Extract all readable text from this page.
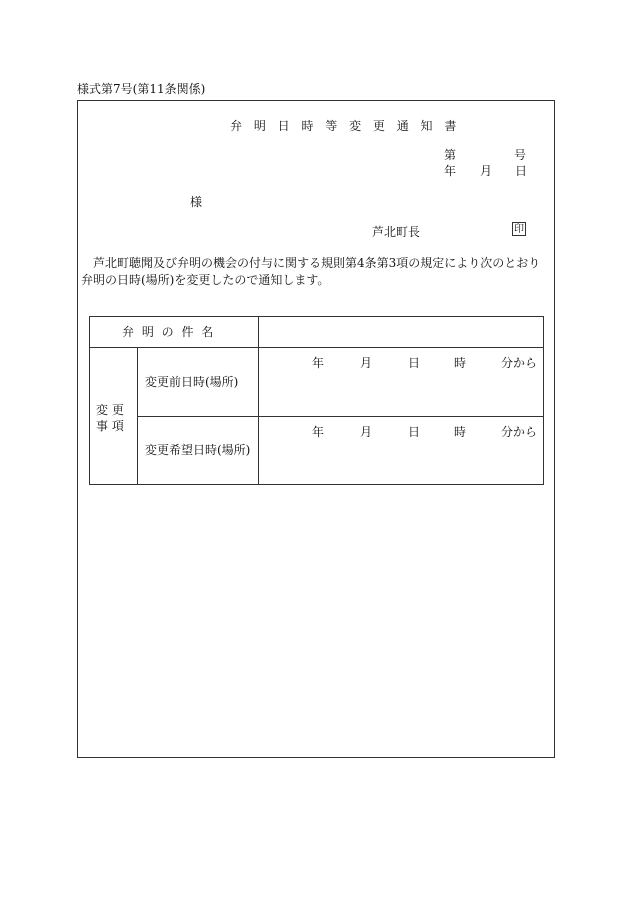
様式第7号(第11条関係)
弁 明 日 時 等 変 更 通 知 書
第	号
年 月 日
様
芦北町長	印
芦北町聴聞及び弁明の機会の付与に関する規則第4条第3項の規定により次のとおり弁明の日時(場所)を変更したので通知します。
弁 明 の 件 名
変 更
事 項
変更前日時(場所)
年	月	日	時	分から
変更希望日時(場所)
年	月	日	時	分から
